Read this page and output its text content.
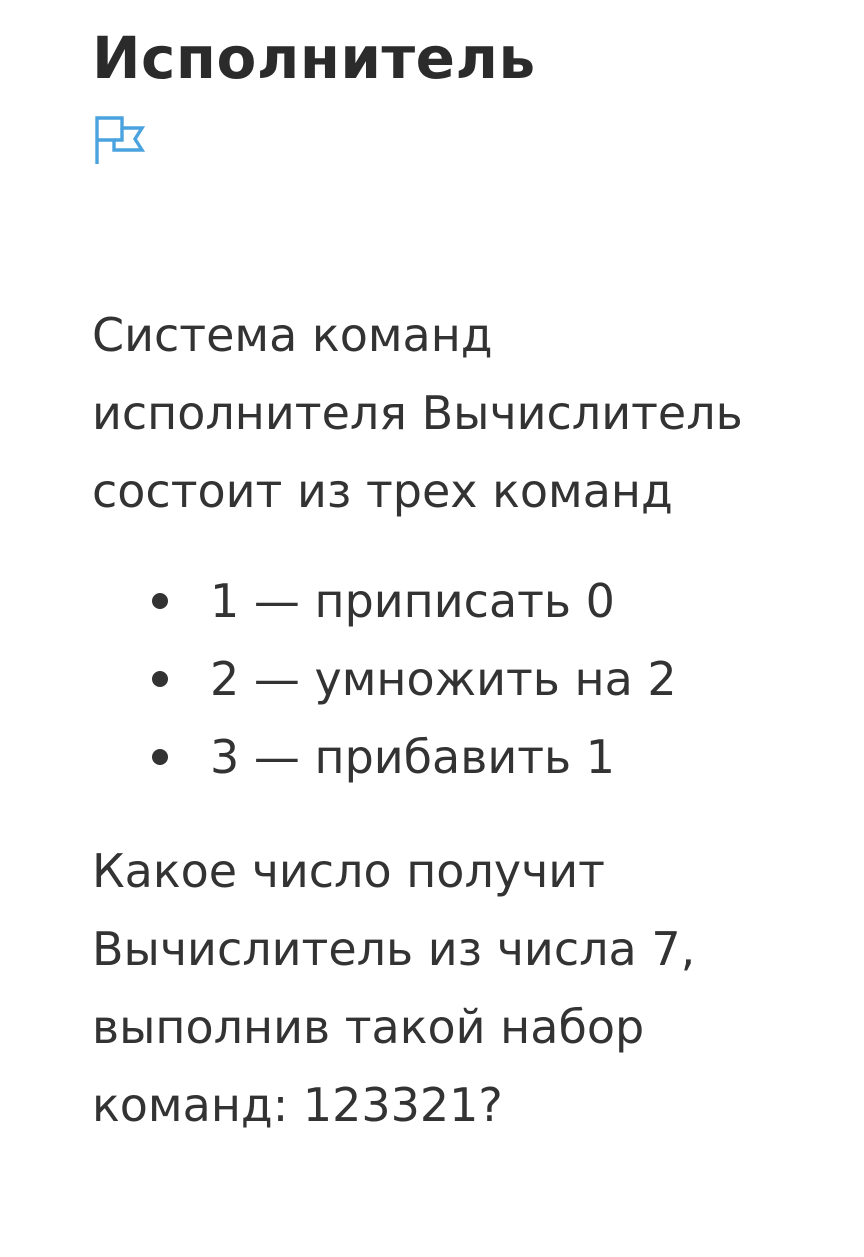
Исполнитель

Система команд
исполнителя Вычислитель
состоит из трех команд

1 — приписать 0
2 — умножить на 2
3 — прибавить 1

Какое число получит
Вычислитель из числа 7,
выполнив такой набор
команд: 123321?
